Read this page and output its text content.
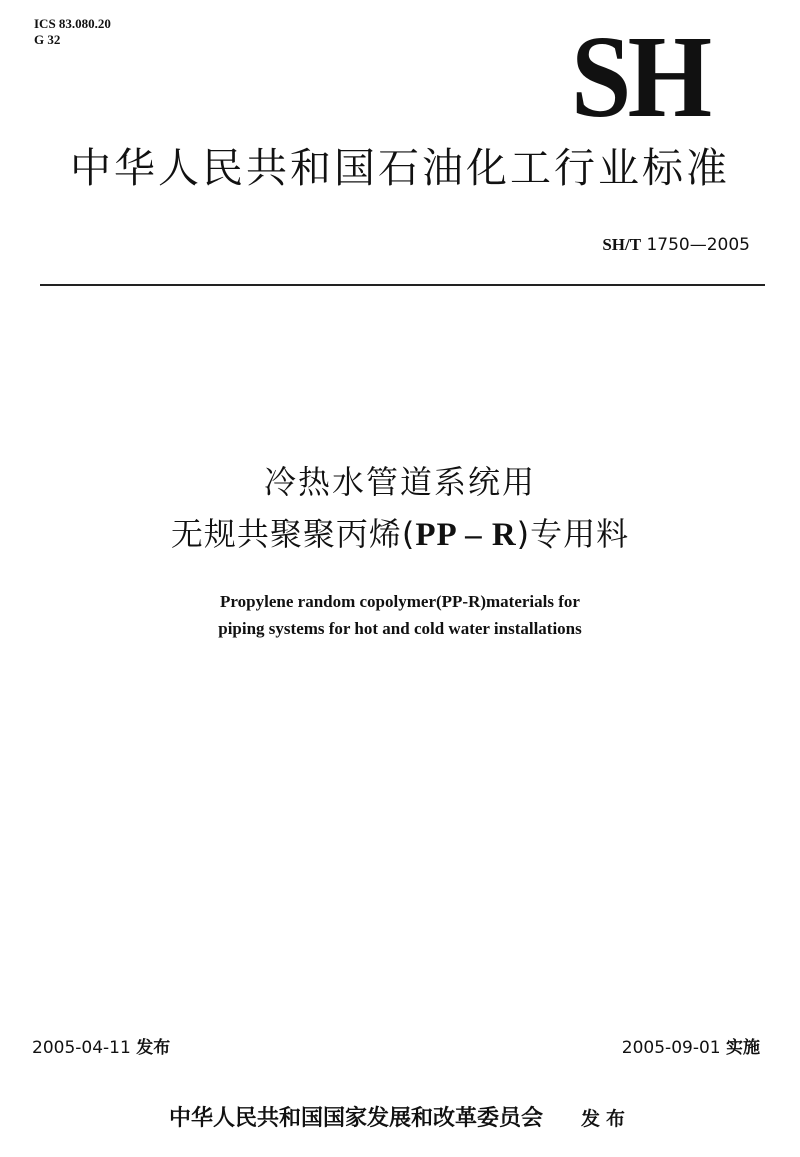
ICS 83.080.20
G 32	SH
中华人民共和国石油化工行业标准
SH/T 1750—2005
冷热水管道系统用
无规共聚聚丙烯(PP – R)专用料
Propylene random copolymer(PP-R)materials for
piping systems for hot and cold water installations
2005-04-11 发布	2005-09-01 实施
中华人民共和国国家发展和改革委员会 发布
